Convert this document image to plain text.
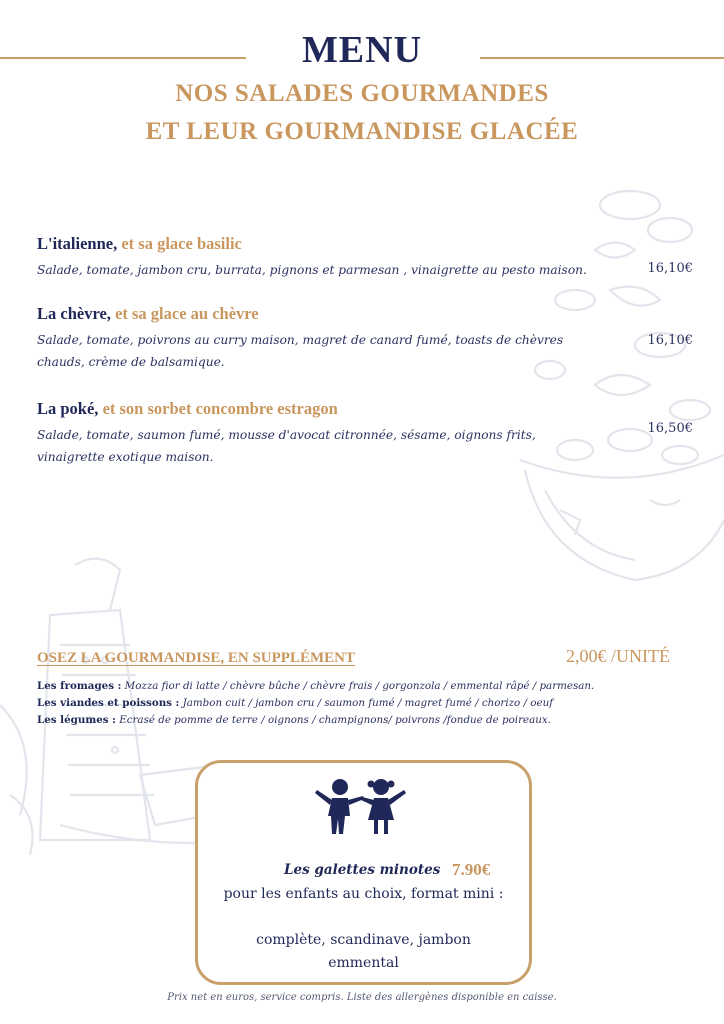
MENU
NOS SALADES GOURMANDES
ET LEUR GOURMANDISE GLACÉE
L'italienne, et sa glace basilic
Salade, tomate, jambon cru, burrata, pignons et parmesan , vinaigrette au pesto maison.	16,10€
La chèvre, et sa glace au chèvre
Salade, tomate, poivrons au curry maison, magret de canard fumé, toasts de chèvres
chauds, crème de balsamique.
16,10€
La poké, et son sorbet concombre estragon
Salade, tomate, saumon fumé, mousse d'avocat citronnée, sésame, oignons frits,
vinaigrette exotique maison.
16,50€
OSEZ LA GOURMANDISE, EN SUPPLÉMENT	2,00€ /UNITÉ
Les fromages : Mozza fior di latte / chèvre bûche / chèvre frais / gorgonzola / emmental râpé / parmesan.
Les viandes et poissons : Jambon cuit / jambon cru / saumon fumé / magret fumé / chorizo / oeuf
Les légumes : Ecrasé de pomme de terre / oignons / champignons/ poivrons /fondue de poireaux.
Les galettes minotes 7.90€
pour les enfants au choix, format mini :
complète, scandinave, jambon
emmental
Prix net en euros, service compris. Liste des allergènes disponible en caisse.
